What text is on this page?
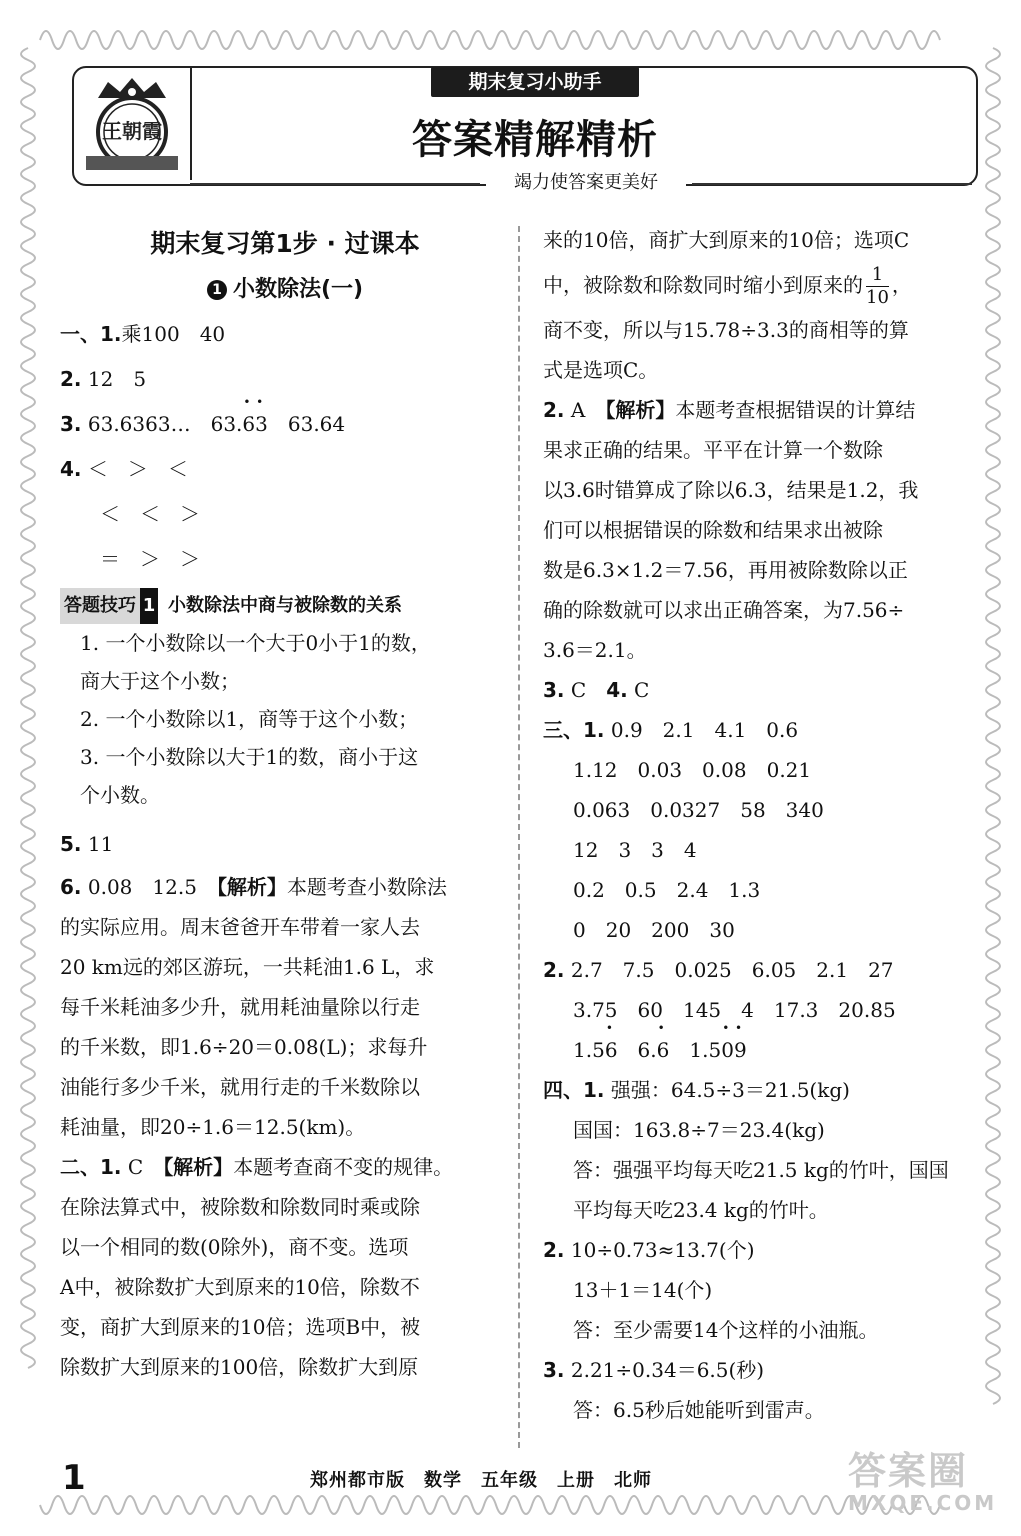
王朝霞
期末复习小助手
答案精解精析
竭力使答案更美好
期末复习第1步 · 过课本
1 小数除法(一)
一、1.乘100　40
2. 12　5
3. 63.6363…　63.• 6• 3　63.64
4. ＜　＞　＜
＜　＜　＞
＝　＞　＞
答题技巧 1 小数除法中商与被除数的关系
1. 一个小数除以一个大于0小于1的数，
商大于这个小数；
2. 一个小数除以1，商等于这个小数；
3. 一个小数除以大于1的数，商小于这
个小数。
5. 11
6. 0.08　12.5　【解析】本题考查小数除法
的实际应用。周末爸爸开车带着一家人去
20 km远的郊区游玩，一共耗油1.6 L，求
每千米耗油多少升，就用耗油量除以行走
的千米数，即1.6÷20＝0.08(L)；求每升
油能行多少千米，就用行走的千米数除以
耗油量，即20÷1.6＝12.5(km)。
二、1. C　【解析】本题考查商不变的规律。
在除法算式中，被除数和除数同时乘或除
以一个相同的数(0除外)，商不变。选项
A中，被除数扩大到原来的10倍，除数不
变，商扩大到原来的10倍；选项B中，被
除数扩大到原来的100倍，除数扩大到原
来的10倍，商扩大到原来的10倍；选项C
中，被除数和除数同时缩小到原来的 $\frac{1}{10}$ ，
商不变，所以与15.78÷3.3的商相等的算
式是选项C。
2. A　【解析】本题考查根据错误的计算结
果求正确的结果。平平在计算一个数除
以3.6时错算成了除以6.3，结果是1.2，我
们可以根据错误的除数和结果求出被除
数是6.3×1.2＝7.56，再用被除数除以正
确的除数就可以求出正确答案，为7.56÷
3.6＝2.1。
3. C　4. C
三、1. 0.9　2.1　4.1　0.6
1.12　0.03　0.08　0.21
0.063　0.0327　58　340
12　3　3　4
0.2　0.5　2.4　1.3
0　20　200　30
2. 2.7　7.5　0.025　6.05　2.1　27
3.75　60　145　4　17.3　20.85
1.5• 6　6.• 6　1.5• 0• 9
四、1. 强强：64.5÷3＝21.5(kg)
国国：163.8÷7＝23.4(kg)
答：强强平均每天吃21.5 kg的竹叶，国国
平均每天吃23.4 kg的竹叶。
2. 10÷0.73≈13.7(个)
13＋1＝14(个)
答：至少需要14个这样的小油瓶。
3. 2.21÷0.34＝6.5(秒)
答：6.5秒后她能听到雷声。
1	郑州都市版　数学　五年级　上册　北师	答案圈
MXQE.COM
